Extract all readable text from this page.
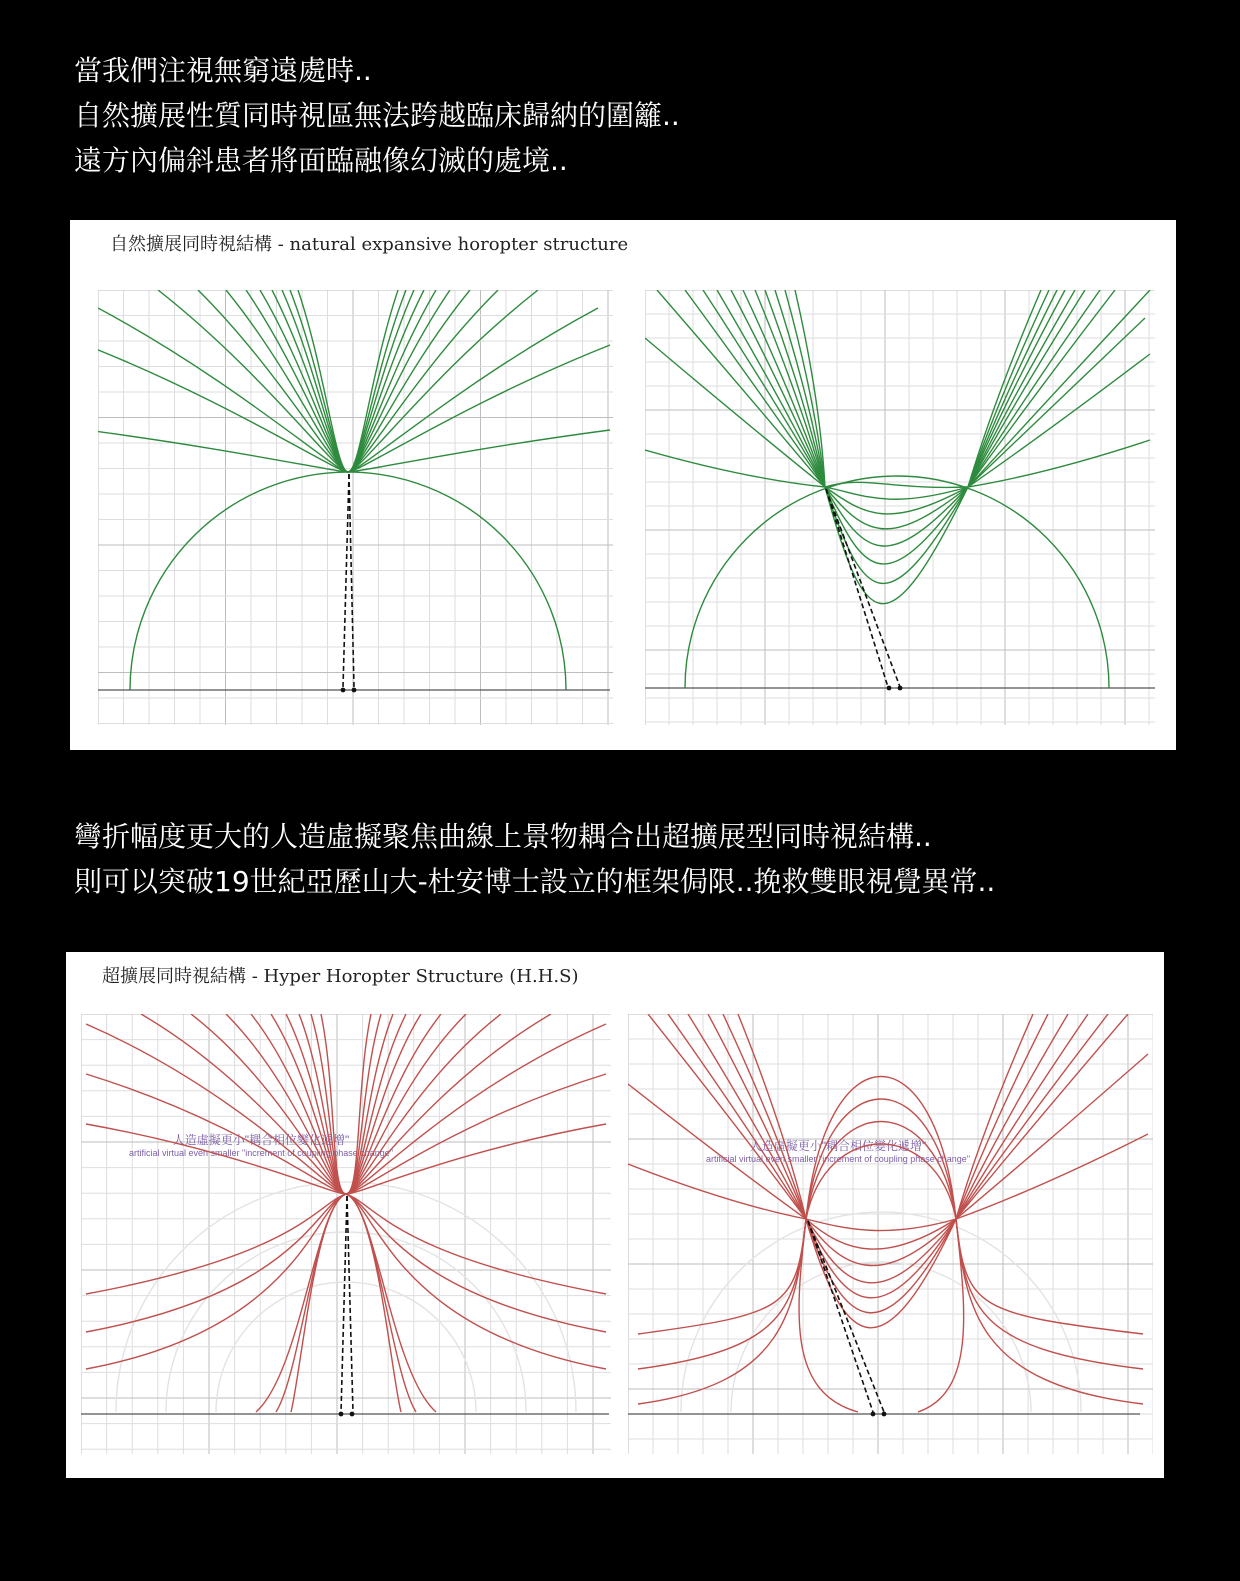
當我們注視無窮遠處時..
自然擴展性質同時視區無法跨越臨床歸納的圍籬..
遠方內偏斜患者將面臨融像幻滅的處境..
自然擴展同時視結構 - natural expansive horopter structure
彎折幅度更大的人造虛擬聚焦曲線上景物耦合出超擴展型同時視結構..
則可以突破19世紀亞歷山大-杜安博士設立的框架侷限..挽救雙眼視覺異常..
超擴展同時視結構 - Hyper Horopter Structure (H.H.S)
人造虛擬更小"耦合相位變化遞增"
artificial virtual even smaller "increment of coupling phase change"	人造虛擬更小"耦合相位變化遞增"
artificial virtual even smaller "increment of coupling phase change"
